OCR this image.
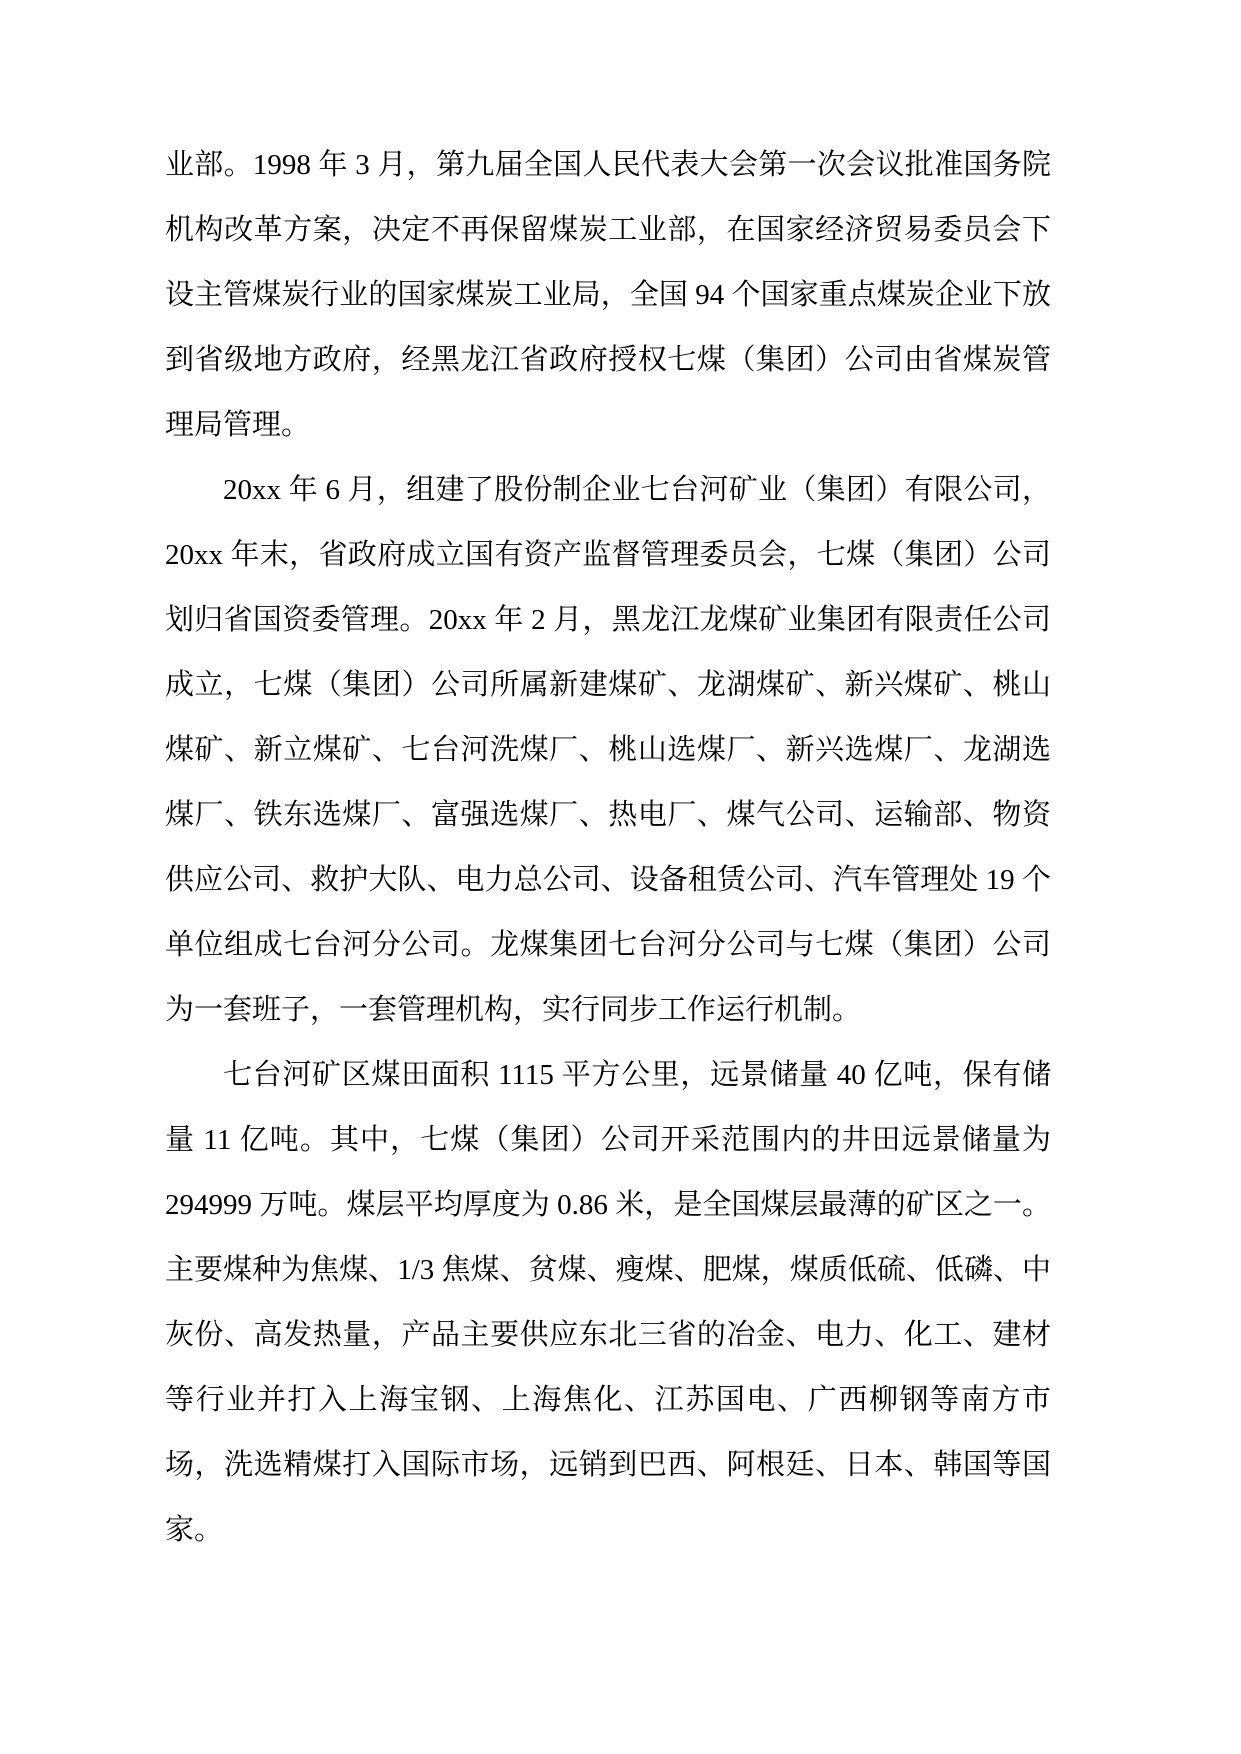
业部。1998 年 3 月，第九届全国人民代表大会第一次会议批准国务院机构改革方案，决定不再保留煤炭工业部，在国家经济贸易委员会下设主管煤炭行业的国家煤炭工业局，全国 94 个国家重点煤炭企业下放到省级地方政府，经黑龙江省政府授权七煤（集团）公司由省煤炭管理局管理。

20xx 年 6 月，组建了股份制企业七台河矿业（集团）有限公司，20xx 年末，省政府成立国有资产监督管理委员会，七煤（集团）公司划归省国资委管理。20xx 年 2 月，黑龙江龙煤矿业集团有限责任公司成立，七煤（集团）公司所属新建煤矿、龙湖煤矿、新兴煤矿、桃山煤矿、新立煤矿、七台河洗煤厂、桃山选煤厂、新兴选煤厂、龙湖选煤厂、铁东选煤厂、富强选煤厂、热电厂、煤气公司、运输部、物资供应公司、救护大队、电力总公司、设备租赁公司、汽车管理处 19 个单位组成七台河分公司。龙煤集团七台河分公司与七煤（集团）公司为一套班子，一套管理机构，实行同步工作运行机制。

七台河矿区煤田面积 1115 平方公里，远景储量 40 亿吨，保有储量 11 亿吨。其中，七煤（集团）公司开采范围内的井田远景储量为 294999 万吨。煤层平均厚度为 0.86 米，是全国煤层最薄的矿区之一。主要煤种为焦煤、1/3 焦煤、贫煤、瘦煤、肥煤，煤质低硫、低磷、中灰份、高发热量，产品主要供应东北三省的冶金、电力、化工、建材等行业并打入上海宝钢、上海焦化、江苏国电、广西柳钢等南方市场，洗选精煤打入国际市场，远销到巴西、阿根廷、日本、韩国等国家。
